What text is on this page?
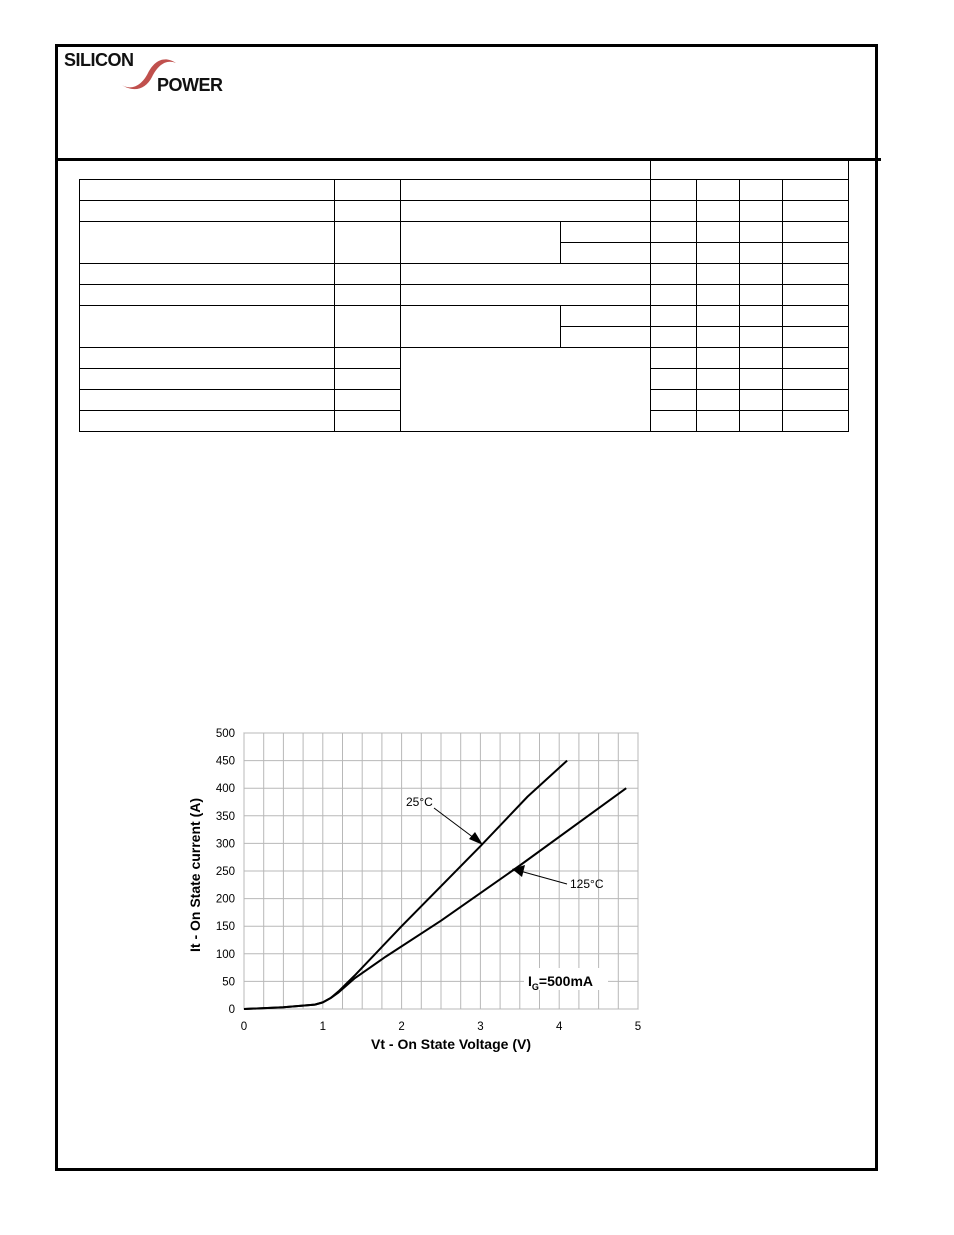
SILICON
POWER

0
50
100
150
200
250
300
350
400
450
500
0	1	2	3	4	5
Vt - On State Voltage (V)
It - On State current (A)	25°C
125°C
$I_G=500mA$
